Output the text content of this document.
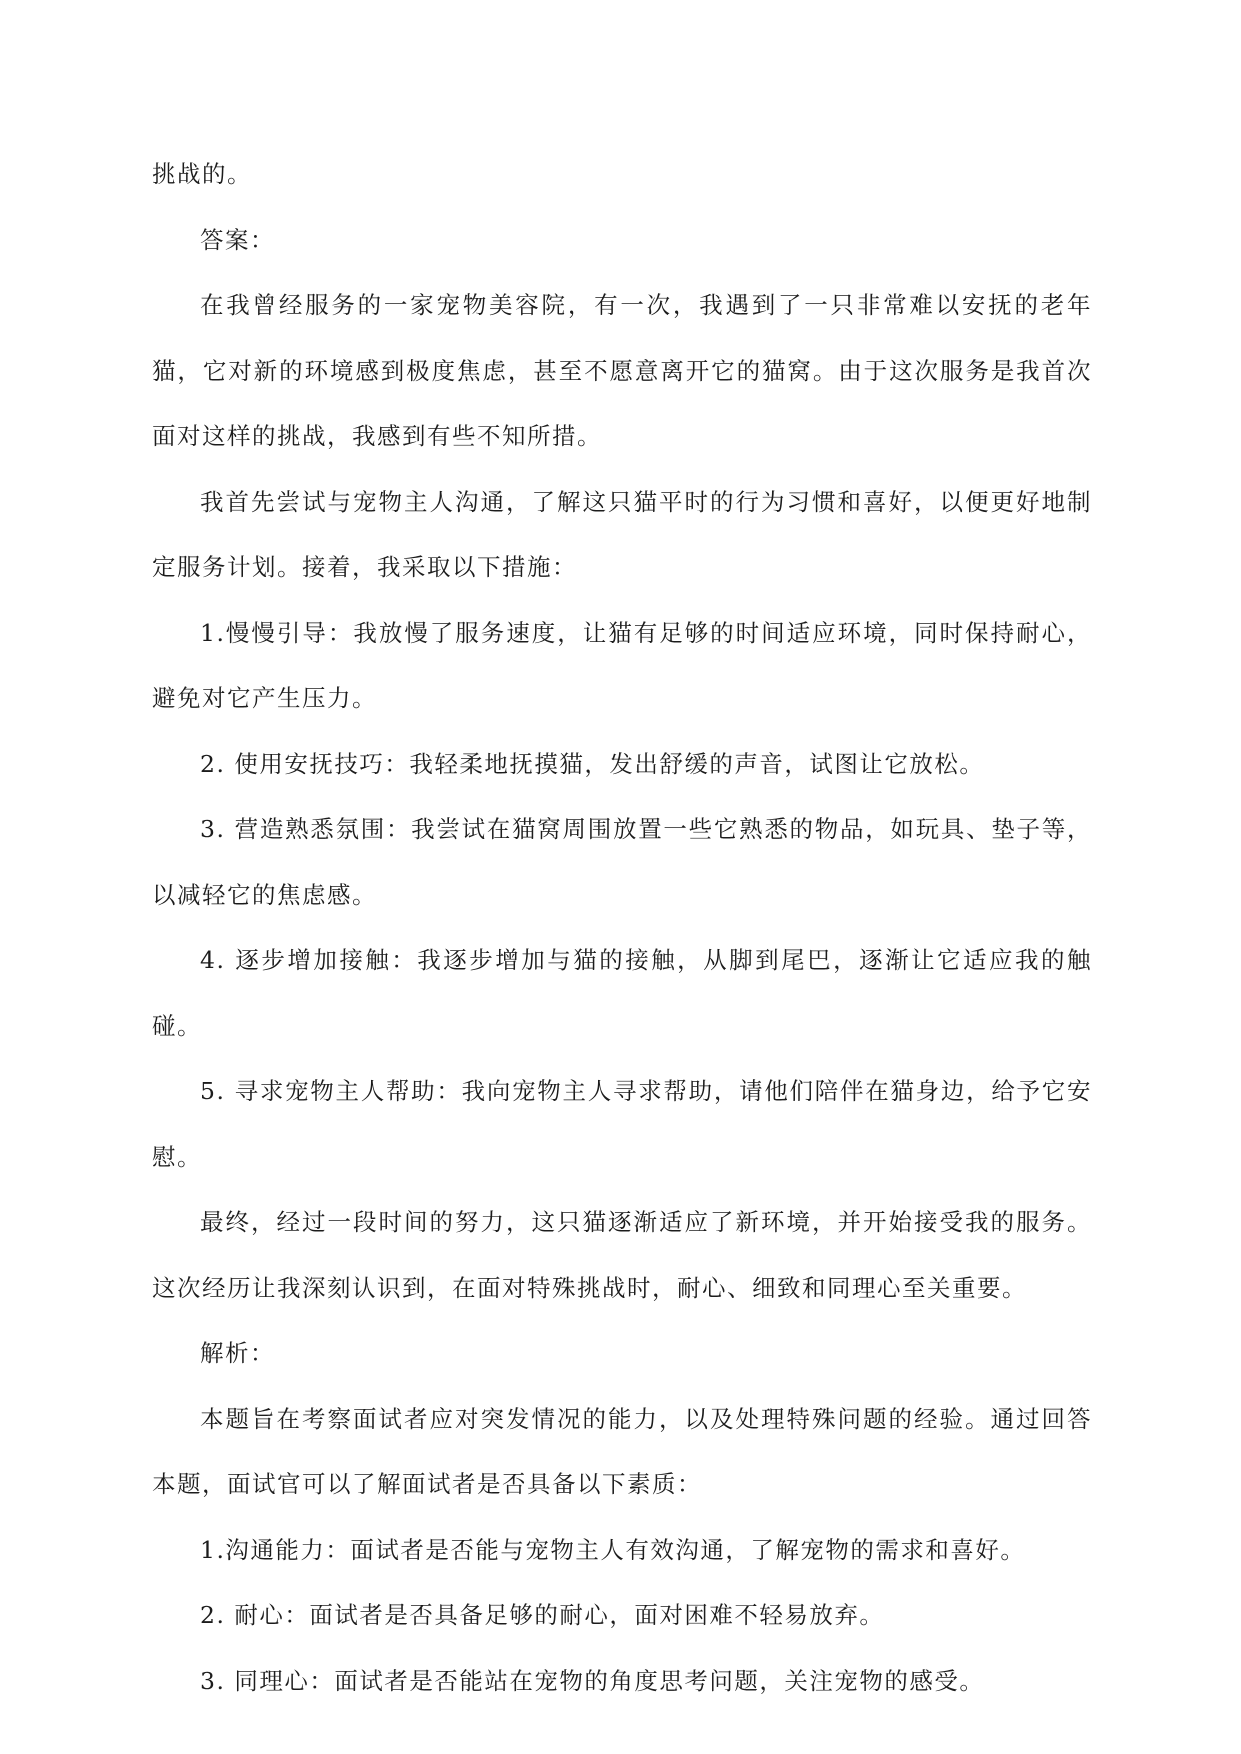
挑战的。

答案：

在我曾经服务的一家宠物美容院，有一次，我遇到了一只非常难以安抚的老年猫，它对新的环境感到极度焦虑，甚至不愿意离开它的猫窝。由于这次服务是我首次面对这样的挑战，我感到有些不知所措。

我首先尝试与宠物主人沟通，了解这只猫平时的行为习惯和喜好，以便更好地制定服务计划。接着，我采取以下措施：

1.慢慢引导：我放慢了服务速度，让猫有足够的时间适应环境，同时保持耐心，避免对它产生压力。

2. 使用安抚技巧：我轻柔地抚摸猫，发出舒缓的声音，试图让它放松。

3. 营造熟悉氛围：我尝试在猫窝周围放置一些它熟悉的物品，如玩具、垫子等，以减轻它的焦虑感。

4. 逐步增加接触：我逐步增加与猫的接触，从脚到尾巴，逐渐让它适应我的触碰。

5. 寻求宠物主人帮助：我向宠物主人寻求帮助，请他们陪伴在猫身边，给予它安慰。

最终，经过一段时间的努力，这只猫逐渐适应了新环境，并开始接受我的服务。这次经历让我深刻认识到，在面对特殊挑战时，耐心、细致和同理心至关重要。

解析：

本题旨在考察面试者应对突发情况的能力，以及处理特殊问题的经验。通过回答本题，面试官可以了解面试者是否具备以下素质：

1.沟通能力：面试者是否能与宠物主人有效沟通，了解宠物的需求和喜好。

2. 耐心：面试者是否具备足够的耐心，面对困难不轻易放弃。

3. 同理心：面试者是否能站在宠物的角度思考问题，关注宠物的感受。
